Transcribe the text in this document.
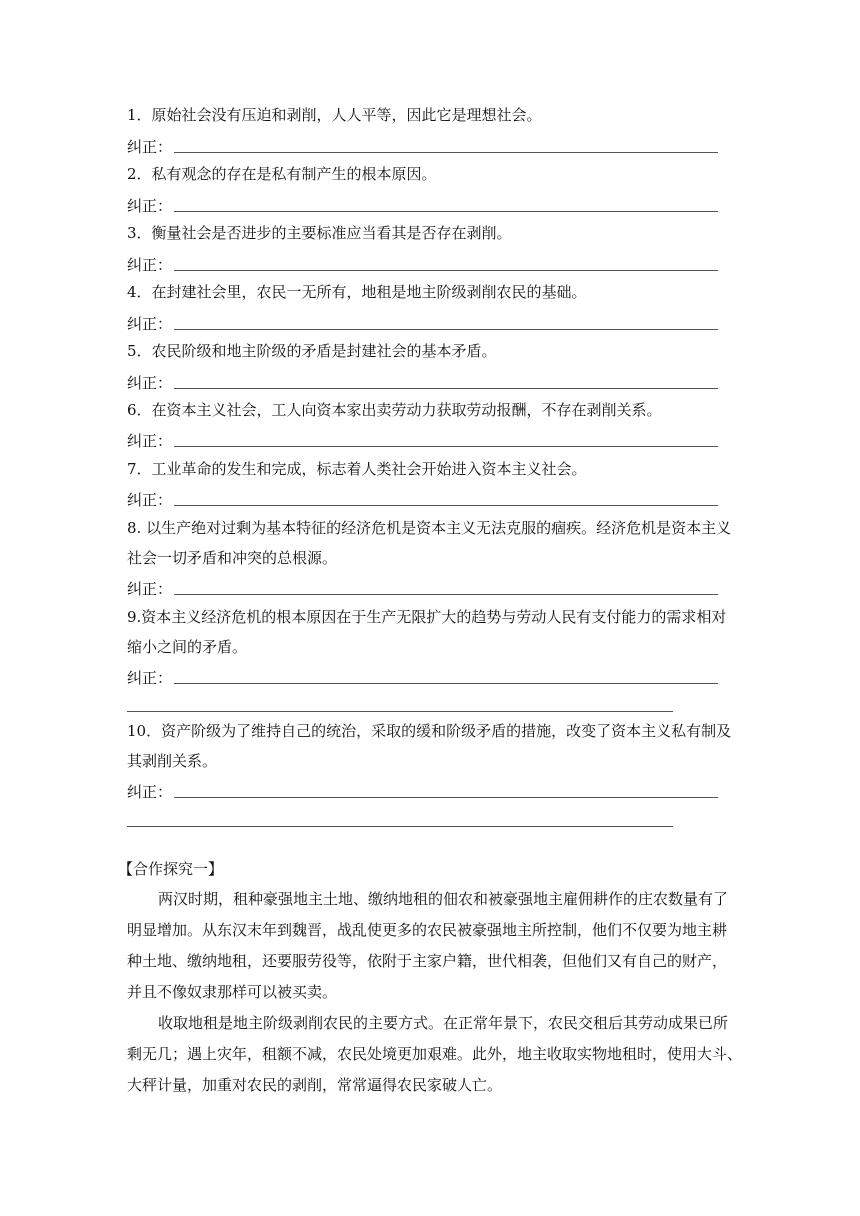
1．原始社会没有压迫和剥削，人人平等，因此它是理想社会。
纠正：
2．私有观念的存在是私有制产生的根本原因。
纠正：
3．衡量社会是否进步的主要标准应当看其是否存在剥削。
纠正：
4．在封建社会里，农民一无所有，地租是地主阶级剥削农民的基础。
纠正：
5．农民阶级和地主阶级的矛盾是封建社会的基本矛盾。
纠正：
6．在资本主义社会，工人向资本家出卖劳动力获取劳动报酬，不存在剥削关系。
纠正：
7．工业革命的发生和完成，标志着人类社会开始进入资本主义社会。
纠正：
8. 以生产绝对过剩为基本特征的经济危机是资本主义无法克服的痼疾。经济危机是资本主义
社会一切矛盾和冲突的总根源。
纠正：
9.资本主义经济危机的根本原因在于生产无限扩大的趋势与劳动人民有支付能力的需求相对
缩小之间的矛盾。
纠正：
10．资产阶级为了维持自己的统治，采取的缓和阶级矛盾的措施，改变了资本主义私有制及
其剥削关系。
纠正：
【合作探究一】
两汉时期，租种豪强地主土地、缴纳地租的佃农和被豪强地主雇佣耕作的庄农数量有了
明显增加。从东汉末年到魏晋，战乱使更多的农民被豪强地主所控制，他们不仅要为地主耕
种土地、缴纳地租，还要服劳役等，依附于主家户籍，世代相袭，但他们又有自己的财产，
并且不像奴隶那样可以被买卖。
收取地租是地主阶级剥削农民的主要方式。在正常年景下，农民交租后其劳动成果已所
剩无几；遇上灾年，租额不减，农民处境更加艰难。此外，地主收取实物地租时，使用大斗、
大秤计量，加重对农民的剥削，常常逼得农民家破人亡。
